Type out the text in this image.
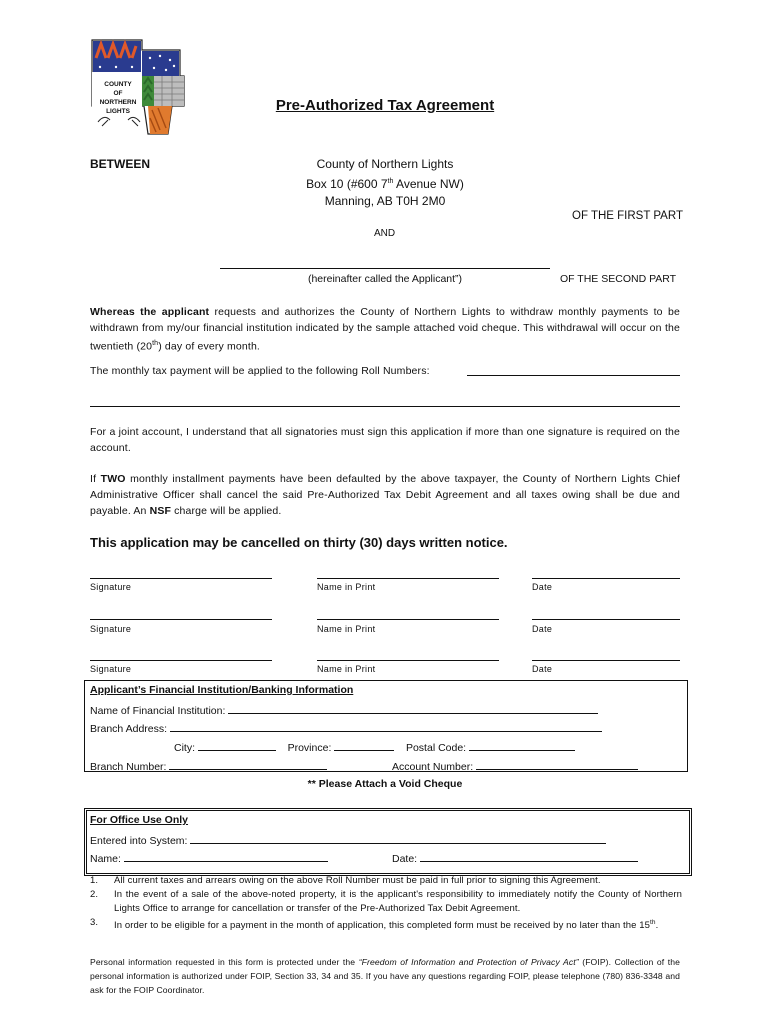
COUNTY
OF
NORTHERN
LIGHTS	Pre-Authorized Tax Agreement
BETWEEN	County of Northern Lights
Box 10 (#600 7th Avenue NW)
Manning, AB T0H 2M0
OF THE FIRST PART
AND
(hereinafter called the Applicant”)	OF THE SECOND PART
Whereas the applicant requests and authorizes the County of Northern Lights to withdraw monthly payments to be withdrawn from my/our financial institution indicated by the sample attached void cheque. This withdrawal will occur on the twentieth (20th) day of every month.
The monthly tax payment will be applied to the following Roll Numbers:
For a joint account, I understand that all signatories must sign this application if more than one signature is required on the account.
If TWO monthly installment payments have been defaulted by the above taxpayer, the County of Northern Lights Chief Administrative Officer shall cancel the said Pre-Authorized Tax Debit Agreement and all taxes owing shall be due and payable. An NSF charge will be applied.
This application may be cancelled on thirty (30) days written notice.
Signature	Name in Print	Date
Signature	Name in Print	Date
Signature	Name in Print	Date
Applicant’s Financial Institution/Banking Information
Name of Financial Institution:
Branch Address:
City:	Province:	Postal Code:
Branch Number:	Account Number:
** Please Attach a Void Cheque
For Office Use Only
Entered into System:
Name:	Date:
1.	All current taxes and arrears owing on the above Roll Number must be paid in full prior to signing this Agreement.
2.	In the event of a sale of the above-noted property, it is the applicant's responsibility to immediately notify the County of Northern Lights Office to arrange for cancellation or transfer of the Pre-Authorized Tax Debit Agreement.
3.	In order to be eligible for a payment in the month of application, this completed form must be received by no later than the 15th.
Personal information requested in this form is protected under the “Freedom of Information and Protection of Privacy Act” (FOIP). Collection of the personal information is authorized under FOIP, Section 33, 34 and 35. If you have any questions regarding FOIP, please telephone (780) 836-3348 and ask for the FOIP Coordinator.
